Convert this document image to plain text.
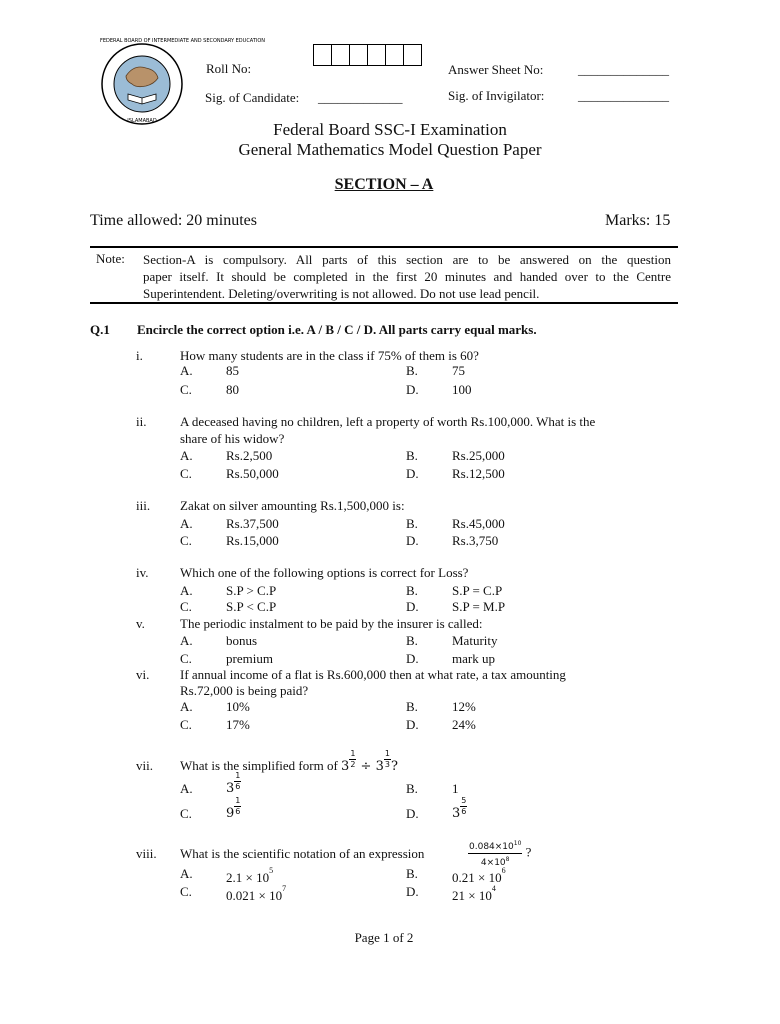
FEDERAL BOARD OF INTERMEDIATE AND SECONDARY EDUCATION
ISLAMABAD
Roll No:	Answer Sheet No:	______________
Sig. of Candidate: _____________	Sig. of Invigilator:	______________
Federal Board SSC-I Examination
General Mathematics Model Question Paper
SECTION – A
Time allowed: 20 minutes	Marks: 15
Note: Section-A is compulsory. All parts of this section are to be answered on the question
paper itself. It should be completed in the first 20 minutes and handed over to the Centre
Superintendent. Deleting/overwriting is not allowed. Do not use lead pencil.
Q.1 Encircle the correct option i.e. A / B / C / D. All parts carry equal marks.
i.	How many students are in the class if 75% of them is 60?
A.	85	B.	75
C.	80	D.	100
ii.	A deceased having no children, left a property of worth Rs.100,000. What is the
share of his widow?
A.	Rs.2,500	B.	Rs.25,000
C.	Rs.50,000	D.	Rs.12,500
iii. Zakat on silver amounting Rs.1,500,000 is:
A.	Rs.37,500	B.	Rs.45,000
C.	Rs.15,000	D.	Rs.3,750
iv. Which one of the following options is correct for Loss?
A.	S.P > C.P	B.	S.P = C.P
C.	S.P < C.P	D.	S.P = M.P
v.	The periodic instalment to be paid by the insurer is called:
A.	bonus	B.	Maturity
C.	premium	D.	mark up
vi. If annual income of a flat is Rs.600,000 then at what rate, a tax amounting
Rs.72,000 is being paid?
A.	10%	B.	12%
C.	17%	D.	24%
vii. What is the simplified form of $3 \frac{1}{2} \div 3 \frac{1}{3}$ ?
A.	$3 \frac{1}{6}$	B.	1
C.	$9 \frac{1}{6}$	D.	$3 \frac{5}{6}$
viii. What is the scientific notation of an expression	$\frac{0.084\times 10^{10}}{4\times 10^8}$ ?
A.	$2.1 \times 10^5$	B.	$0.21 \times 10^6$
C.	$0.021 \times 10^7$	D.	$21 \times 10^4$
Page 1 of 2
